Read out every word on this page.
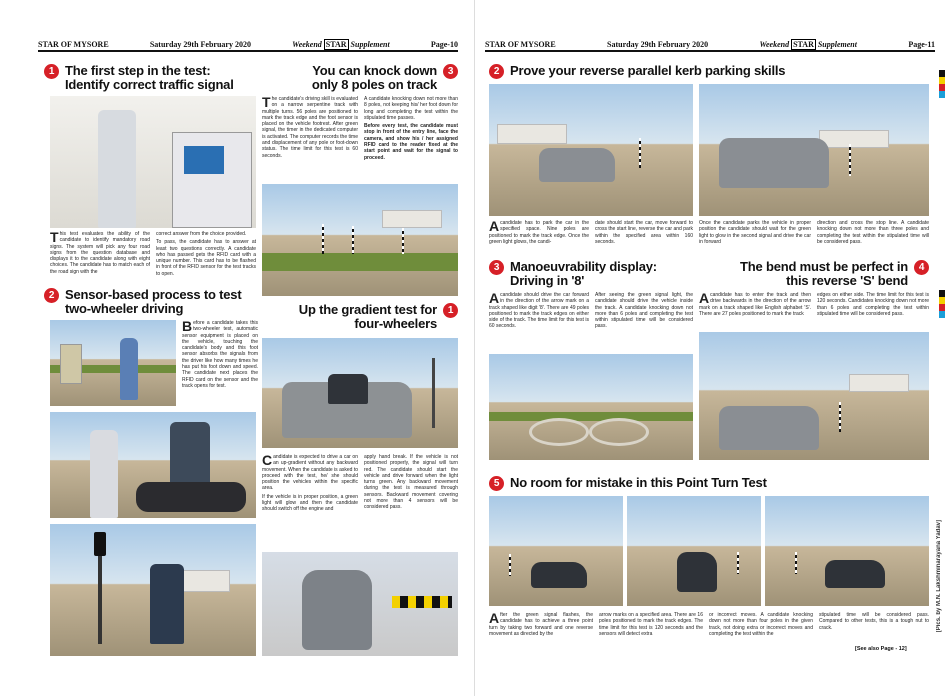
STAR OF MYSORE	Saturday 29th February 2020	Weekend STAR Supplement	Page-10
1 The first step in the test:
Identify correct traffic signal

This test evaluates the ability of the candidate to identify mandatory road signs. The system will pick any four road signs from the question database and displays it to the candidate along with eight choices. The candidate has to match each of the road sign with the

correct answer from the choice provided.

To pass, the candidate has to answer at least two questions correctly. A candidate who has passed gets the RFID card with a unique number. This card has to be flashed in front of the RFID sensor for the test tracks to open.

2 Sensor-based process to test
two-wheeler driving

Before a candidate takes this two-wheeler test, automatic sensor equipment is placed on the vehicle, touching the candidate's body and this foot sensor absorbs the signals from the driver like how many times he has put his foot down and speed. The candidate next places the RFID card on the sensor and the track opens for test.

You can knock down
only 8 poles on track
3

The candidate's driving skill is evaluated on a narrow serpentine track with multiple turns. 56 poles are positioned to mark the track edge and the foot sensor is placed on the vehicle footrest. After green signal, the timer in the dedicated computer is activated. The computer records the time and displacement of any pole or foot-down status. The time limit for this test is 60 seconds.

A candidate knocking down not more than 8 poles, not keeping his/ her foot down for long and completing the test within the stipulated time passes.

Before every test, the candidate must stop in front of the entry line, face the camera, and show his / her assigned RFID card to the reader fixed at the start point and wait for the signal to proceed.

Up the gradient test for
four-wheelers
1

Candidate is expected to drive a car on an up-gradient without any backward movement. When the candidate is asked to proceed with the test, he/ she should position the vehicles within the specific area.

If the vehicle is in proper position, a green light will glow and then the candidate should switch off the engine and

apply hand break. If the vehicle is not positioned properly, the signal will turn red. The candidate should start the vehicle and drive forward when the light turns green. Any backward movement during the test is measured through sensors. Backward movement covering not more than 4 sensors will be considered pass.

STAR OF MYSORE	Saturday 29th February 2020	Weekend STAR Supplement	Page-11
2 Prove your reverse parallel kerb parking skills

Acandidate has to park the car in the specified space. Nine poles are positioned to mark the track edge. Once the green light glows, the candi-

date should start the car, move forward to cross the start line, reverse the car and park within the specified area within 160 seconds.

Once the candidate parks the vehicle in proper position the candidate should wait for the green light to glow in the second signal and drive the car in forward

direction and cross the stop line. A candidate knocking down not more than three poles and completing the test within the stipulated time will be considered pass.

3 Manoeuvrability display:
Driving in '8'

Acandidate should drive the car forward in the direction of the arrow mark on a track shaped like digit '8'. There are 49 poles positioned to mark the track edges on either side of the track. The time limit for this test is 60 seconds.

After seeing the green signal light, the candidate should drive the vehicle inside the track. A candidate knocking down not more than 6 poles and completing the test within stipulated time will be considered pass.

The bend must be perfect in
this reverse 'S' bend
4

Acandidate has to enter the track and then drive backwards in the direction of the arrow mark on a track shaped like English alphabet 'S'. There are 27 poles positioned to mark the track

edges on either side. The time limit for this test is 120 seconds. Candidates knocking down not more than 6 poles and completing the test within stipulated time will be considered pass.

5 No room for mistake in this Point Turn Test

After the green signal flashes, the candidate has to achieve a three point turn by taking two forward and one reverse movement as directed by the

arrow marks on a specified area. There are 16 poles positioned to mark the track edges. The time limit for this test is 120 seconds and the sensors will detect extra

or incorrect moves. A candidate knocking down not more than four poles in the given track, not doing extra or incorrect moves and completing the test within the

stipulated time will be considered pass. Compared to other tests, this is a tough nut to crack.

[See also Page - 12]
[Pics. by M.N. Lakshminarayana Yadav]
